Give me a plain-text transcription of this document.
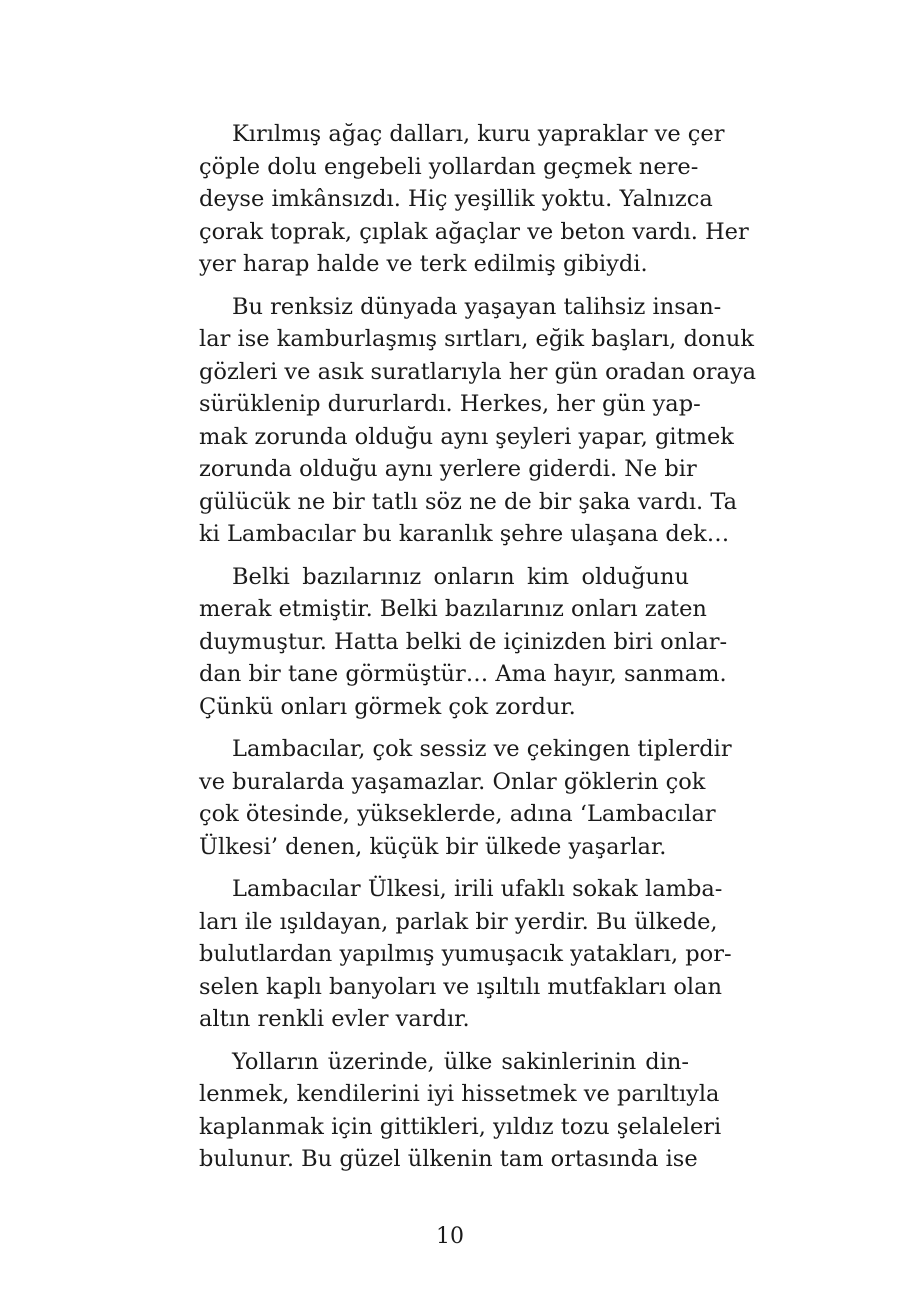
Kırılmış ağaç dalları, kuru yapraklar ve çer
çöple dolu engebeli yollardan geçmek nere-
deyse imkânsızdı. Hiç yeşillik yoktu. Yalnızca
çorak toprak, çıplak ağaçlar ve beton vardı. Her
yer harap halde ve terk edilmiş gibiydi.

Bu renksiz dünyada yaşayan talihsiz insan-
lar ise kamburlaşmış sırtları, eğik başları, donuk
gözleri ve asık suratlarıyla her gün oradan oraya
sürüklenip dururlardı. Herkes, her gün yap-
mak zorunda olduğu aynı şeyleri yapar, gitmek
zorunda olduğu aynı yerlere giderdi. Ne bir
gülücük ne bir tatlı söz ne de bir şaka vardı. Ta
ki Lambacılar bu karanlık şehre ulaşana dek…

Belki bazılarınız onların kim olduğunu
merak etmiştir. Belki bazılarınız onları zaten
duymuştur. Hatta belki de içinizden biri onlar-
dan bir tane görmüştür… Ama hayır, sanmam.
Çünkü onları görmek çok zordur.

Lambacılar, çok sessiz ve çekingen tiplerdir
ve buralarda yaşamazlar. Onlar göklerin çok
çok ötesinde, yükseklerde, adına ‘Lambacılar
Ülkesi’ denen, küçük bir ülkede yaşarlar.

Lambacılar Ülkesi, irili ufaklı sokak lamba-
ları ile ışıldayan, parlak bir yerdir. Bu ülkede,
bulutlardan yapılmış yumuşacık yatakları, por-
selen kaplı banyoları ve ışıltılı mutfakları olan
altın renkli evler vardır.

Yolların üzerinde, ülke sakinlerinin din-
lenmek, kendilerini iyi hissetmek ve parıltıyla
kaplanmak için gittikleri, yıldız tozu şelaleleri
bulunur. Bu güzel ülkenin tam ortasında ise

10
